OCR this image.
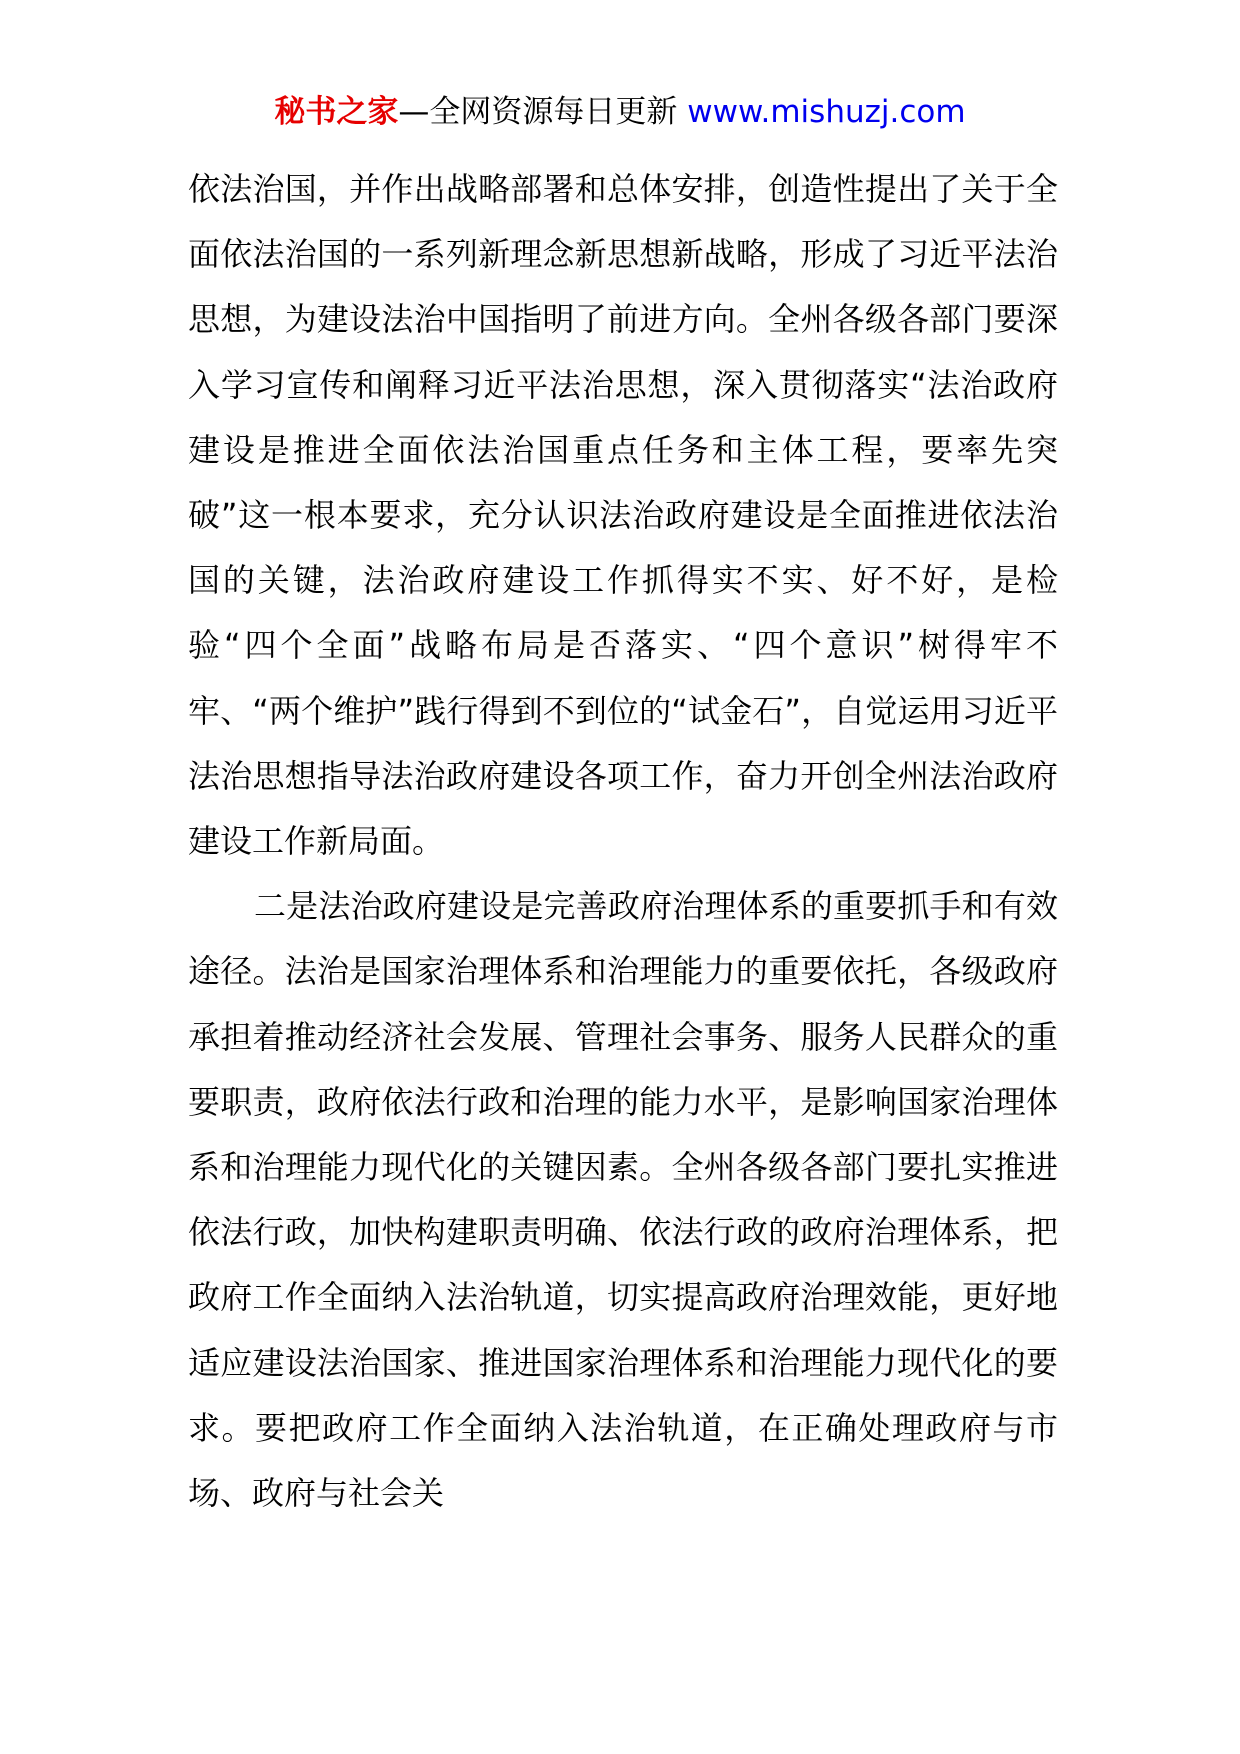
秘书之家—全网资源每日更新 www.mishuzj.com

依法治国，并作出战略部署和总体安排，创造性提出了关于全面依法治国的一系列新理念新思想新战略，形成了习近平法治思想，为建设法治中国指明了前进方向。全州各级各部门要深入学习宣传和阐释习近平法治思想，深入贯彻落实“法治政府建设是推进全面依法治国重点任务和主体工程，要率先突破”这一根本要求，充分认识法治政府建设是全面推进依法治国的关键，法治政府建设工作抓得实不实、好不好，是检验“四个全面”战略布局是否落实、“四个意识”树得牢不牢、“两个维护”践行得到不到位的“试金石”，自觉运用习近平法治思想指导法治政府建设各项工作，奋力开创全州法治政府建设工作新局面。

二是法治政府建设是完善政府治理体系的重要抓手和有效途径。法治是国家治理体系和治理能力的重要依托，各级政府承担着推动经济社会发展、管理社会事务、服务人民群众的重要职责，政府依法行政和治理的能力水平，是影响国家治理体系和治理能力现代化的关键因素。全州各级各部门要扎实推进依法行政，加快构建职责明确、依法行政的政府治理体系，把政府工作全面纳入法治轨道，切实提高政府治理效能，更好地适应建设法治国家、推进国家治理体系和治理能力现代化的要求。要把政府工作全面纳入法治轨道，在正确处理政府与市场、政府与社会关
